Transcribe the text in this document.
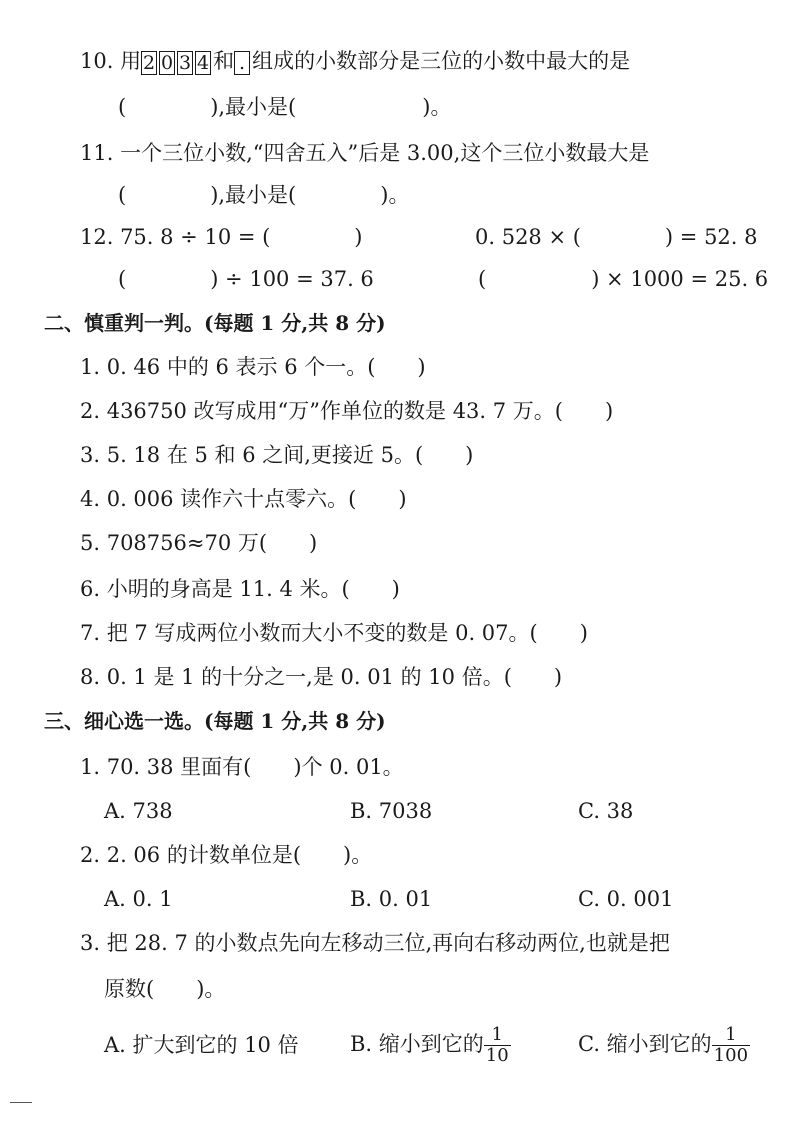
10. 用 2 0 3 4 和 . 组成的小数部分是三位的小数中最大的是
(　　　　),最小是(　　　　　　)。
11. 一个三位小数,“四舍五入”后是 3.00,这个三位小数最大是
(　　　　),最小是(　　　　)。
12. 75. 8 ÷ 10 = (　　　　)	0. 528 × (　　　　) = 52. 8
(　　　　) ÷ 100 = 37. 6	(　　　　　) × 1000 = 25. 6
二、慎重判一判。(每题 1 分,共 8 分)
1. 0. 46 中的 6 表示 6 个一。(　　)
2. 436750 改写成用“万”作单位的数是 43. 7 万。(　　)
3. 5. 18 在 5 和 6 之间,更接近 5。(　　)
4. 0. 006 读作六十点零六。(　　)
5. 708756≈70 万(　　)
6. 小明的身高是 11. 4 米。(　　)
7. 把 7 写成两位小数而大小不变的数是 0. 07。(　　)
8. 0. 1 是 1 的十分之一,是 0. 01 的 10 倍。(　　)
三、细心选一选。(每题 1 分,共 8 分)
1. 70. 38 里面有(　　)个 0. 01。
A. 738	B. 7038	C. 38
2. 2. 06 的计数单位是(　　)。
A. 0. 1	B. 0. 01	C. 0. 001
3. 把 28. 7 的小数点先向左移动三位,再向右移动两位,也就是把
原数(　　)。
A. 扩大到它的 10 倍 B. 缩小到它的 $\frac{1}{10}$	C. 缩小到它的 $\frac{1}{100}$
